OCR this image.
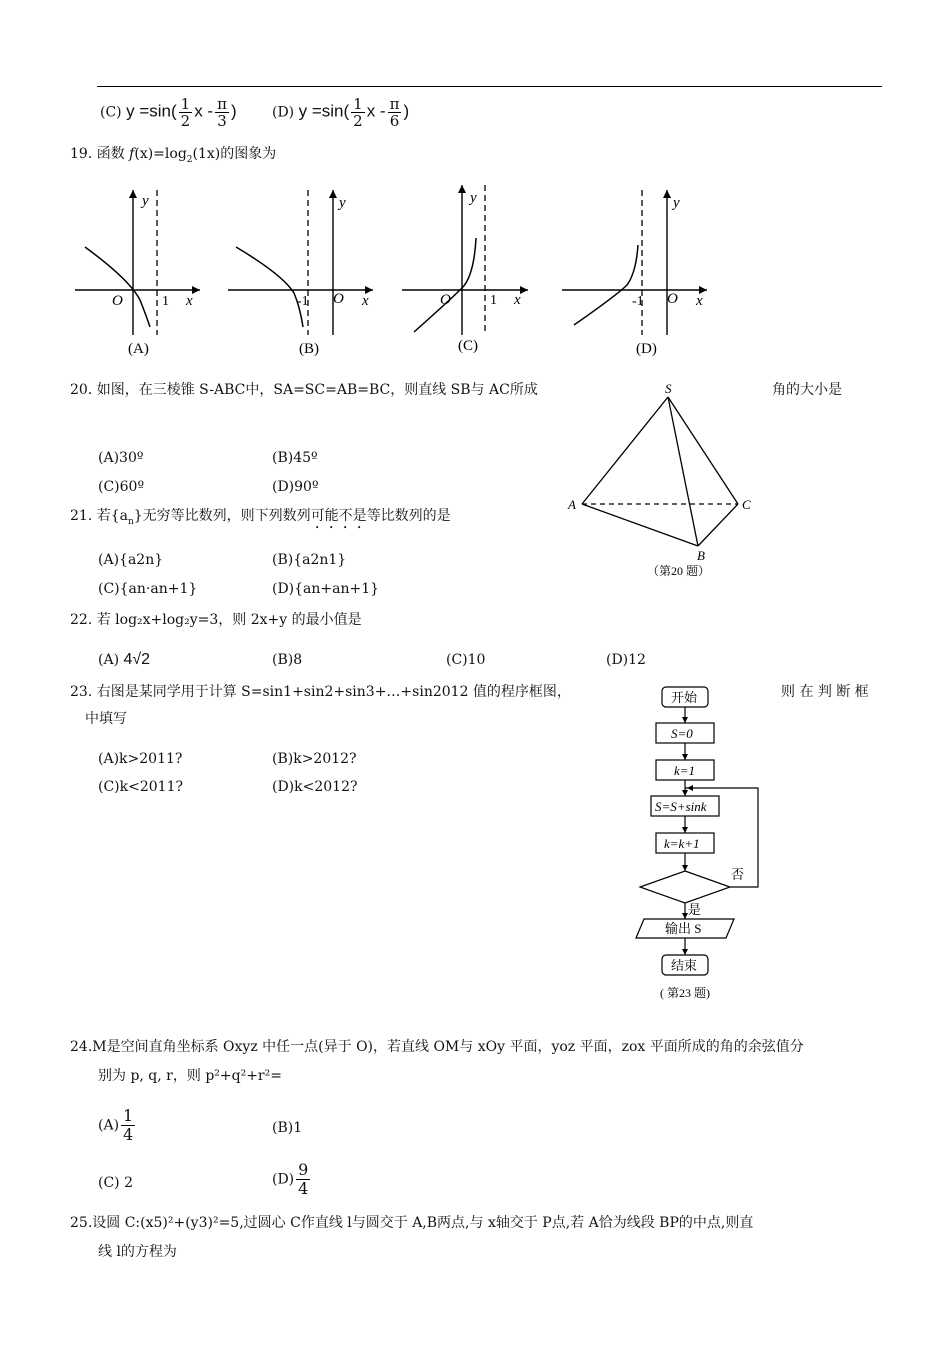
(C) $y =\sin( \frac{1}{2}$ x - $\frac{\pi}{3}$ )	(D) $y =\sin( \frac{1}{2}$ x - $\frac{\pi}{6}$ )
19. 函数 $f(x)=\log_2(1x)$的图象为
y
x
O	1
(A)
y
x
O
-1
(B)
y
x
O	1
(C)
y
x
O
-1
(D)
20. 如图，在三棱锥 S-ABC中，SA=SC=AB=BC，则直线 SB与 AC所成	角的大小是
(A)30º	(B)45º
(C)60º	(D)90º
S
A	C
B
（第20 题）
21. 若$\{a_n\}$无穷等比数列，则下列数列可能不是等比数列的是
(A){a2n}	(B){a2n1}
(C){an·an+1}	(D){an+an+1}
22. 若 log₂x+log₂y=3，则 2x+y 的最小值是
(A) 4√2	(B)8	(C)10	(D)12
23. 右图是某同学用于计算 S=sin1+sin2+sin3+…+sin2012 值的程序框图，	则 在 判 断 框
中填写
(A)k>2011?	(B)k>2012?
(C)k<2011?	(D)k<2012?
开始
S=0
k=1
S=S+sink
k=k+1
否
是
输出 S
结束
( 第23 题)
24.M是空间直角坐标系 Oxyz 中任一点(异于 O)，若直线 OM与 xOy 平面，yoz 平面，zox 平面所成的角的余弦值分
别为 p, q, r，则 p²+q²+r²=
$(A) \frac{1}{4}$	(B)1
(C) 2	$(D) \frac{9}{4}$
25.设圆 C:(x5)²+(y3)²=5,过圆心 C作直线 l与圆交于 A,B两点,与 x轴交于 P点,若 A恰为线段 BP的中点,则直
线 l的方程为
